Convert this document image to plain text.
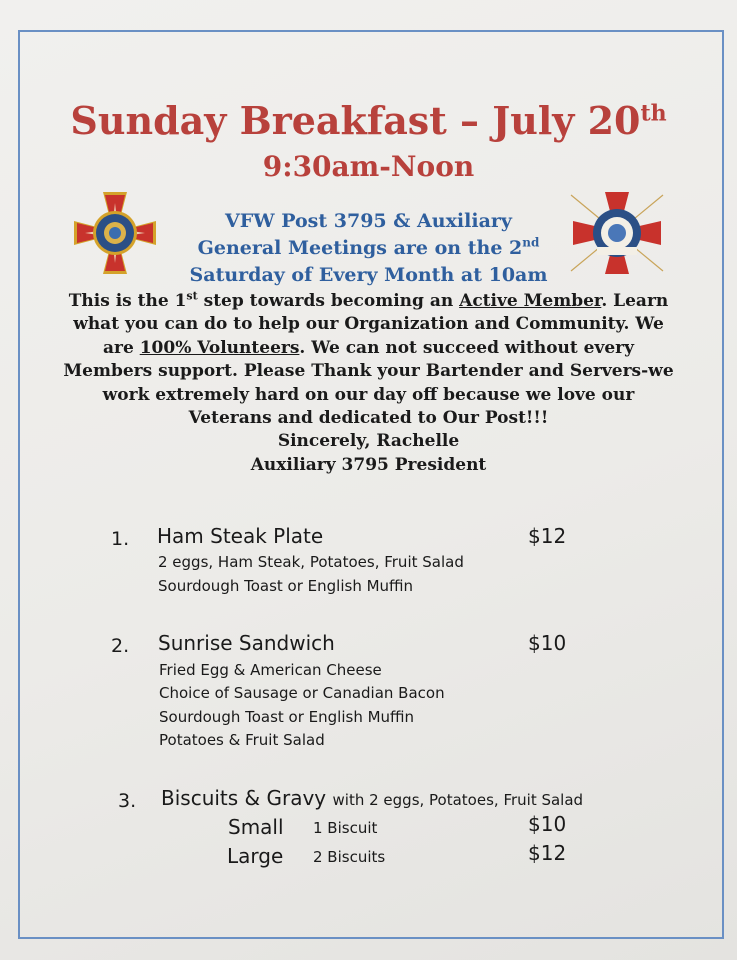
Sunday Breakfast – July 20th
9:30am-Noon
VFW Post 3795 & Auxiliary
General Meetings are on the 2nd
Saturday of Every Month at 10am
This is the 1st step towards becoming an Active Member. Learn what you can do to help our Organization and Community. We are 100% Volunteers. We can not succeed without every Members support. Please Thank your Bartender and Servers-we work extremely hard on our day off because we love our Veterans and dedicated to Our Post!!!
Sincerely, Rachelle
Auxiliary 3795 President
1. Ham Steak Plate	$12
2 eggs, Ham Steak, Potatoes, Fruit Salad
Sourdough Toast or English Muffin
2. Sunrise Sandwich	$10
Fried Egg & American Cheese
Choice of Sausage or Canadian Bacon
Sourdough Toast or English Muffin
Potatoes & Fruit Salad
3. Biscuits & Gravy with 2 eggs, Potatoes, Fruit Salad
Small 1 Biscuit	$10
Large 2 Biscuits	$12
